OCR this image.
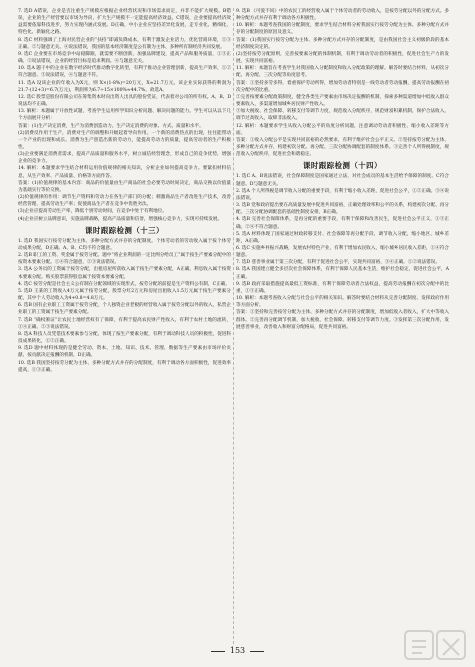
7. 选D A错误，企业是否注重生产规模应根据企业经营状况和市场需求而定，并非不能扩大规模。B错误，企业的生产经营要以市场为导向，扩大生产规模不一定能提高经济效益。C错误，企业要提高经济效益需要依靠科技进步，努力实现内涵式发展。D正确，中小企业应坚持差异化发展，走专业化、精细化、特色化、新颖化之路。

8. 选C 材料强调了上海对民营企业的“扶持”即减负降成本，有利于激发企业活力，优化营商环境，①③正确。②与题意无关。④说法错误，我国的基本经济制度是公有制为主体、多种所有制经济共同发展。

9. 选C 企业要在市场竞争中站稳脚跟，就需要不断创新，加强品牌建设，提高产品和服务质量，①③正确。②说法错误，企业的经营目标是追求利润。④与题意无关。

10. 选A 题干中的企业在数字经济时代推动数字化转型，有利于推动企业管理创新，提高生产效率，①②符合题意。③说法错误，④与题意不符。

11. 选A 设该企业的年收入为X元，则 X×(1-8%)=20万元，X≈21.7万元。该企业实际获得的利润为21.7-(12+3)=6.7(万元)，利润率为6.7÷15×100%≈44.7%。故选A。

12. 选C 股票是股份有限公司在筹集资本时向出资人出具的股份凭证，代表着对公司的所有权。A、B、D说法均不正确。

13. 解析：本题属于开放性试题，考查学生运用所学知识分析问题、解决问题的能力。学生可以从以下几个方面展开分析：

答案：(1)生产决定消费，生产为消费创造动力。生产决定消费的对象、方式、质量和水平。

(2)消费反作用于生产，消费对生产的调整和升级起着导向作用。一个新的消费热点的出现，往往能带动一个产业的出现和成长。消费为生产创造出新的劳动力，能提高劳动力的质量，提高劳动者的生产积极性。

(3)企业要满足消费者需求，提高产品质量和服务水平，树立诚信经营理念，形成自己的竞争优势，增强企业的竞争力。

14. 解析：本题要求学生结合材料运用价值规律的相关知识，分析企业如何提高竞争力。要紧扣材料信息，从生产效率、产品质量、价格等方面作答。

答案：(1)价值规律的基本内容：商品的价值量由生产商品的社会必要劳动时间决定，商品交换以价值量为基础实行等价交换。

(2)价值规律的作用：调节生产资料和劳动力在各生产部门的分配；刺激商品生产者改进生产技术，改善经营管理，提高劳动生产率；促使商品生产者在竞争中优胜劣汰。

(3)企业应提高劳动生产率，降低个别劳动时间，在竞争中处于有利地位。

(4)企业应树立品牌意识，实施品牌战略，提高产品质量和信誉，增强核心竞争力，实现可持续发展。

课时跟踪检测（十三）

1. 选D 我国实行按劳分配为主体、多种分配方式并存的分配制度。个体劳动者的劳动收入属于按个体劳动成果分配，D正确。A、B、C均不符合题意。

2. 选B 职工的工资、奖金属于按劳分配。题中“将企业利润的一定比例分给员工”属于按生产要素分配中的按资本要素分配。①④符合题意，②③说法错误。

3. 选A 公务员的工资属于按劳分配，出租房屋所获收入属于按生产要素分配，A正确。利息收入属于按资本要素分配。购买股票获得股息属于按资本要素分配。

4. 选C 按劳分配是社会主义公有制在分配领域的实现形式，按劳分配的前提是生产资料公有制，C正确。

5. 选D 王某的工资收入4万元属于按劳分配，股票分红2万元和房屋出租收入1.5万元属于按生产要素分配，其中个人劳动收入为4+0.8=4.8万元。

6. 选B 国有企业职工工资属于按劳分配，个人独资企业老板的经营收入属于按劳分配以外的收入，私营企业职工的工资属于按生产要素分配。

7. 选B “确权颁证”让农民土地经营权有了保障，有利于提高农民财产性收入，有利于农村土地的流转，①④正确。②③说法错误。

8. 选A 科技人员凭借技术要素参与分配，体现了按生产要素分配，有利于调动科技人员的积极性，促进科技成果转化，①②正确。

9. 选D 题中材料体现的是健全劳动、资本、土地、知识、技术、管理、数据等生产要素由市场评价贡献、按贡献决定报酬的机制，D正确。

10. 选B 我国坚持按劳分配为主体、多种分配方式并存的分配制度，有利于调动各方面积极性，促进效率提高，①③正确。

9. 选B 《可爱不同》中的农民工的经营收入属于个体劳动者的劳动收入，是按劳分配以外的分配方式。多种分配方式并存有利于调动各方积极性。

10. 解析：本题考查我国的分配制度，要求学生结合材料分析我国实行按劳分配为主体、多种分配方式并存的分配制度的原因及意义。

答案：(1)我国实行按劳分配为主体、多种分配方式并存的分配制度，是由我国社会主义初级阶段的基本经济制度决定的。

(2)坚持按劳分配原则，完善按要素分配的体制机制，有利于调动劳动者的积极性，促进社会生产力的发展，实现共同富裕。

11. 解析：本题旨在考查学生对我国收入分配制度和收入分配政策的理解。解答时要结合材料，从初次分配、再分配、三次分配等角度思考。

答案：①坚持多劳多得，着重保护劳动所得，增加劳动者特别是一线劳动者劳动报酬，提高劳动报酬在初次分配中的比重。

②完善按要素分配政策制度，健全各类生产要素由市场决定报酬的机制，探索多种渠道增加中低收入群众要素收入，多渠道增加城乡居民财产性收入。

③加大税收、社会保障、转移支付等调节力度，规范收入分配秩序，规范财富积累机制，保护合法收入，调节过高收入，取缔非法收入。

12. 解析：本题要求学生从收入分配公平的角度分析问题，注意调动劳动者积极性、缩小收入差距等方面。

答案：①收入分配公平是实现共同富裕的必然要求，有利于维护社会公平正义。②坚持按劳分配为主体、多种分配方式并存，构建初次分配、再分配、三次分配协调配套的制度体系。③完善个人所得税制度，规范收入分配秩序，促进社会和谐稳定。

课时跟踪检测（十四）

1. 选C A、B说法错误，社会保障制度是国家通过立法，对社会成员的基本生活给予保障的制度。C符合题意。D与题意无关。

2. 选A 个人所得税是调节收入分配的重要手段，有利于缩小收入差距，促进社会公平，①②正确。③④说法错误。

3. 选B 党和政府提出要在高质量发展中促进共同富裕，正确处理效率和公平的关系，构建初次分配、再分配、三次分配协调配套的基础性制度安排，B正确。

4. 选B 完善社会保障体系，是再分配的重要手段，有利于保障和改善民生，促进社会公平正义，①③正确。②④不符合题意。

5. 选A 材料体现了国家通过财政转移支付、社会保障等再分配手段，调节收入分配，缩小地区、城乡差距，A正确。

6. 选C 实施乡村振兴战略，发展农村特色产业，有利于增加农民收入，缩小城乡居民收入差距，①④符合题意。

7. 选D 慈善事业属于第三次分配，有利于促进社会公平，实现共同富裕，③④正确。①②说法错误。

8. 选A 我国建立健全多层次社会保障体系，有利于保障人民基本生活，维护社会稳定，促进社会公平，A正确。

9. 选B 政府采取措施提高最低工资标准，有利于保障劳动者合法权益，提高劳动报酬在初次分配中的比重，①③正确。

10. 解析：本题考查收入分配与社会公平的相关知识。解答时要结合材料从完善分配制度、发挥政府作用等方面分析。

答案：①坚持和完善按劳分配为主体、多种分配方式并存的分配制度，增加低收入者收入，扩大中等收入群体。②完善再分配调节机制，加大税收、社会保障、转移支付等调节力度。③发挥第三次分配作用，发展慈善事业，改善收入和财富分配格局，促进共同富裕。

153
